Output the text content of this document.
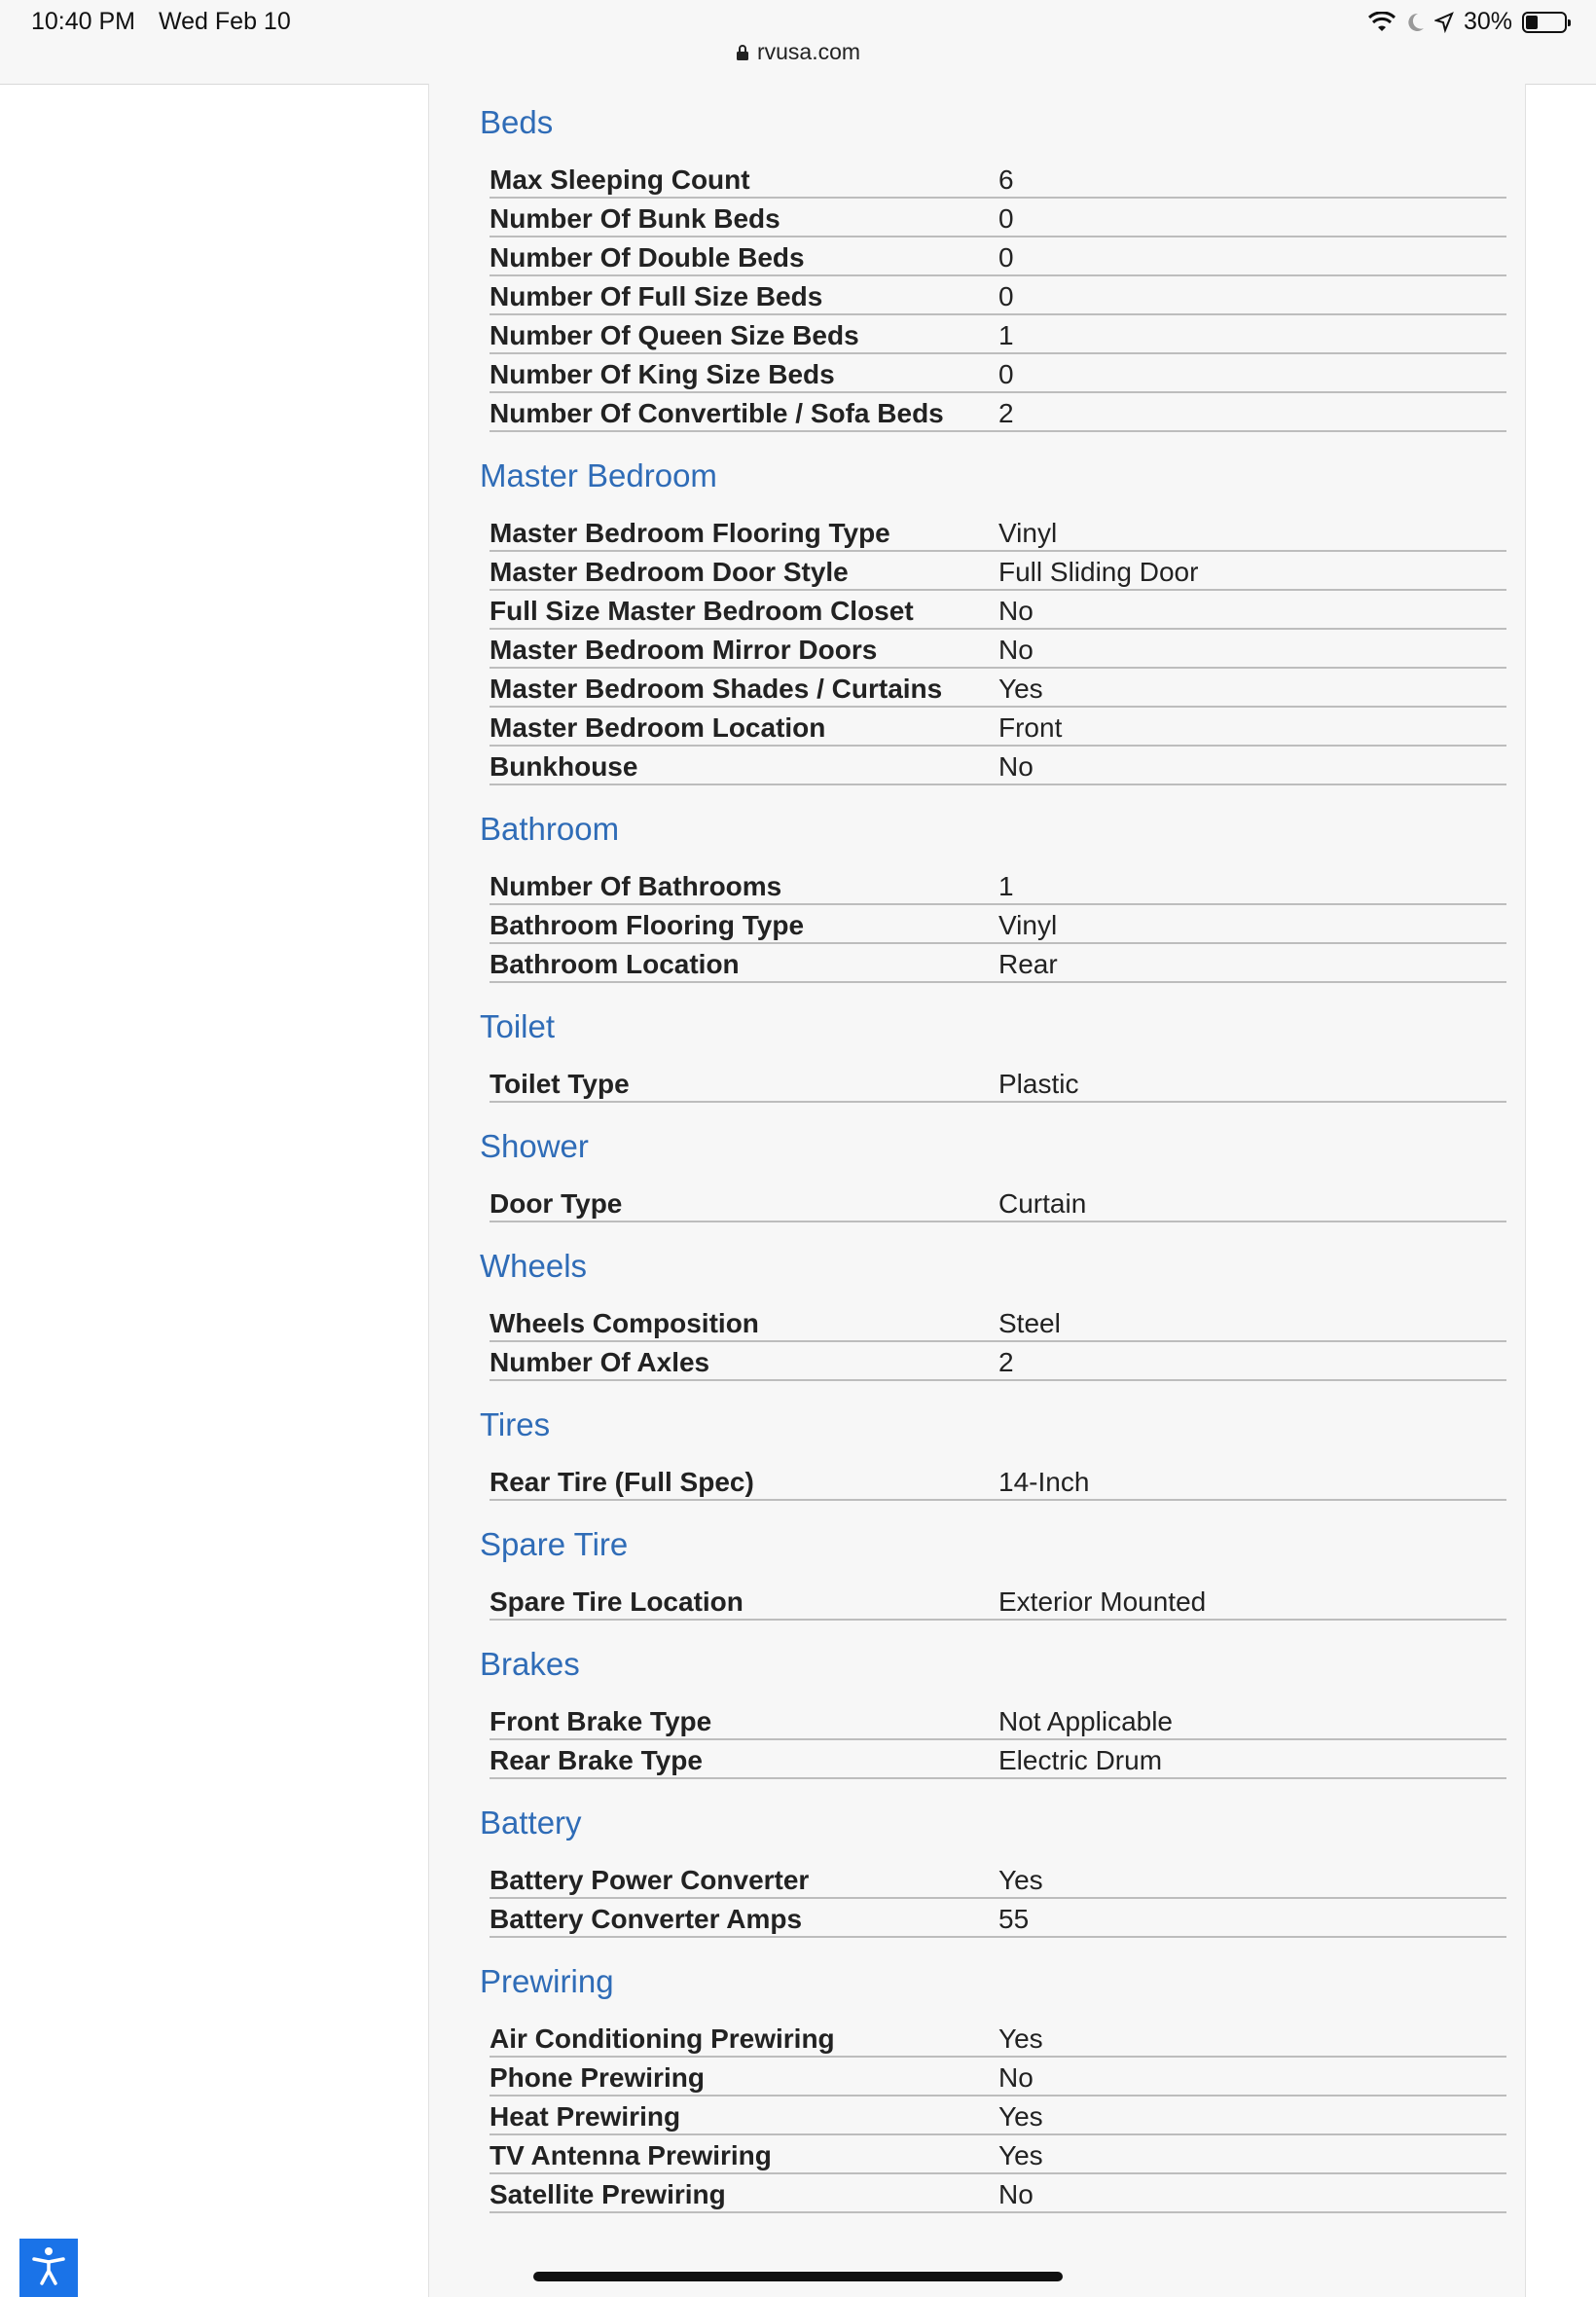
10:40 PM Wed Feb 10	30%
rvusa.com
Beds
Max Sleeping Count	6
Number Of Bunk Beds	0
Number Of Double Beds	0
Number Of Full Size Beds	0
Number Of Queen Size Beds	1
Number Of King Size Beds	0
Number Of Convertible / Sofa Beds	2
Master Bedroom
Master Bedroom Flooring Type	Vinyl
Master Bedroom Door Style	Full Sliding Door
Full Size Master Bedroom Closet	No
Master Bedroom Mirror Doors	No
Master Bedroom Shades / Curtains	Yes
Master Bedroom Location	Front
Bunkhouse	No
Bathroom
Number Of Bathrooms	1
Bathroom Flooring Type	Vinyl
Bathroom Location	Rear
Toilet
Toilet Type	Plastic
Shower
Door Type	Curtain
Wheels
Wheels Composition	Steel
Number Of Axles	2
Tires
Rear Tire (Full Spec)	14-Inch
Spare Tire
Spare Tire Location	Exterior Mounted
Brakes
Front Brake Type	Not Applicable
Rear Brake Type	Electric Drum
Battery
Battery Power Converter	Yes
Battery Converter Amps	55
Prewiring
Air Conditioning Prewiring	Yes
Phone Prewiring	No
Heat Prewiring	Yes
TV Antenna Prewiring	Yes
Satellite Prewiring	No
